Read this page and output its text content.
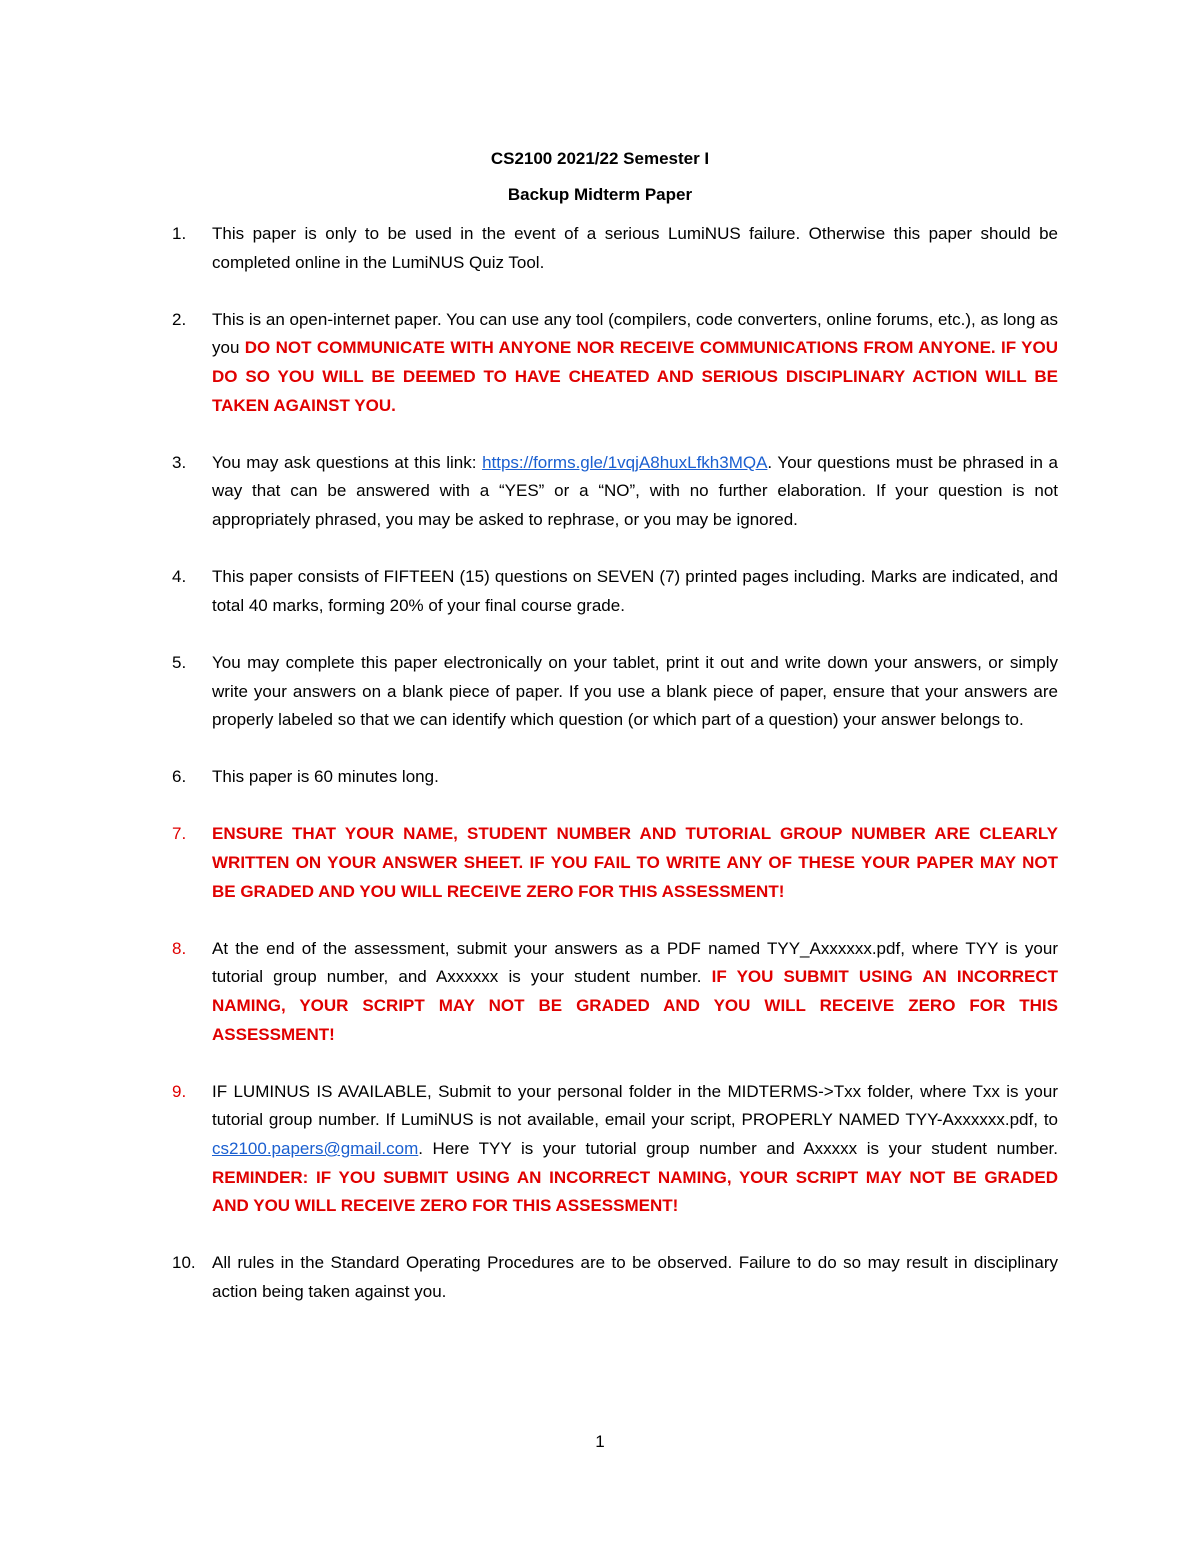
CS2100 2021/22 Semester I
Backup Midterm Paper
1.	This paper is only to be used in the event of a serious LumiNUS failure. Otherwise this paper should be completed online in the LumiNUS Quiz Tool.
2.	This is an open-internet paper. You can use any tool (compilers, code converters, online forums, etc.), as long as you DO NOT COMMUNICATE WITH ANYONE NOR RECEIVE COMMUNICATIONS FROM ANYONE. IF YOU DO SO YOU WILL BE DEEMED TO HAVE CHEATED AND SERIOUS DISCIPLINARY ACTION WILL BE TAKEN AGAINST YOU.
3.	You may ask questions at this link: https://forms.gle/1vqjA8huxLfkh3MQA. Your questions must be phrased in a way that can be answered with a “YES” or a “NO”, with no further elaboration. If your question is not appropriately phrased, you may be asked to rephrase, or you may be ignored.
4.	This paper consists of FIFTEEN (15) questions on SEVEN (7) printed pages including. Marks are indicated, and total 40 marks, forming 20% of your final course grade.
5.	You may complete this paper electronically on your tablet, print it out and write down your answers, or simply write your answers on a blank piece of paper. If you use a blank piece of paper, ensure that your answers are properly labeled so that we can identify which question (or which part of a question) your answer belongs to.
6.	This paper is 60 minutes long.
7.	ENSURE THAT YOUR NAME, STUDENT NUMBER AND TUTORIAL GROUP NUMBER ARE CLEARLY WRITTEN ON YOUR ANSWER SHEET. IF YOU FAIL TO WRITE ANY OF THESE YOUR PAPER MAY NOT BE GRADED AND YOU WILL RECEIVE ZERO FOR THIS ASSESSMENT!
8.	At the end of the assessment, submit your answers as a PDF named TYY_Axxxxxx.pdf, where TYY is your tutorial group number, and Axxxxxx is your student number. IF YOU SUBMIT USING AN INCORRECT NAMING, YOUR SCRIPT MAY NOT BE GRADED AND YOU WILL RECEIVE ZERO FOR THIS ASSESSMENT!
9.	IF LUMINUS IS AVAILABLE, Submit to your personal folder in the MIDTERMS->Txx folder, where Txx is your tutorial group number. If LumiNUS is not available, email your script, PROPERLY NAMED TYY-Axxxxxx.pdf, to cs2100.papers@gmail.com. Here TYY is your tutorial group number and Axxxxx is your student number. REMINDER: IF YOU SUBMIT USING AN INCORRECT NAMING, YOUR SCRIPT MAY NOT BE GRADED AND YOU WILL RECEIVE ZERO FOR THIS ASSESSMENT!
10. All rules in the Standard Operating Procedures are to be observed. Failure to do so may result in disciplinary action being taken against you.
1
